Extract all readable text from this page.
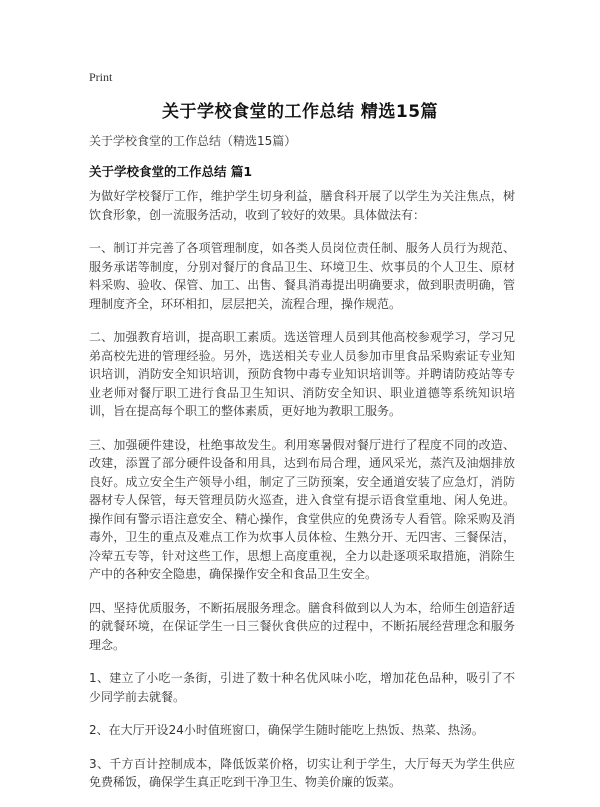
Print
关于学校食堂的工作总结 精选15篇
关于学校食堂的工作总结（精选15篇）
关于学校食堂的工作总结 篇1

为做好学校餐厅工作，维护学生切身利益，膳食科开展了以学生为关注焦点，树饮食形象，创一流服务活动，收到了较好的效果。具体做法有：

一、制订并完善了各项管理制度，如各类人员岗位责任制、服务人员行为规范、服务承诺等制度，分别对餐厅的食品卫生、环境卫生、炊事员的个人卫生、原材料采购、验收、保管、加工、出售、餐具消毒提出明确要求，做到职责明确，管理制度齐全，环环相扣，层层把关，流程合理，操作规范。

二、加强教育培训，提高职工素质。选送管理人员到其他高校参观学习，学习兄弟高校先进的管理经验。另外，选送相关专业人员参加市里食品采购索证专业知识培训，消防安全知识培训，预防食物中毒专业知识培训等。并聘请防疫站等专业老师对餐厅职工进行食品卫生知识、消防安全知识、职业道德等系统知识培训，旨在提高每个职工的整体素质，更好地为教职工服务。

三、加强硬件建设，杜绝事故发生。利用寒暑假对餐厅进行了程度不同的改造、改建，添置了部分硬件设备和用具，达到布局合理，通风采光，蒸汽及油烟排放良好。成立安全生产领导小组，制定了三防预案，安全通道安装了应急灯，消防器材专人保管，每天管理员防火巡查，进入食堂有提示语食堂重地、闲人免进。操作间有警示语注意安全、精心操作，食堂供应的免费汤专人看管。除采购及消毒外，卫生的重点及难点工作为炊事人员体检、生熟分开、无四害、三餐保洁，冷荤五专等，针对这些工作，思想上高度重视，全力以赴逐项采取措施，消除生产中的各种安全隐患，确保操作安全和食品卫生安全。

四、坚持优质服务，不断拓展服务理念。膳食科做到以人为本，给师生创造舒适的就餐环境，在保证学生一日三餐伙食供应的过程中，不断拓展经营理念和服务理念。

1、建立了小吃一条街，引进了数十种名优风味小吃，增加花色品种，吸引了不少同学前去就餐。

2、在大厅开设24小时值班窗口，确保学生随时能吃上热饭、热菜、热汤。

3、千方百计控制成本，降低饭菜价格，切实让利于学生，大厅每天为学生供应免费稀饭，确保学生真正吃到干净卫生、物美价廉的饭菜。
